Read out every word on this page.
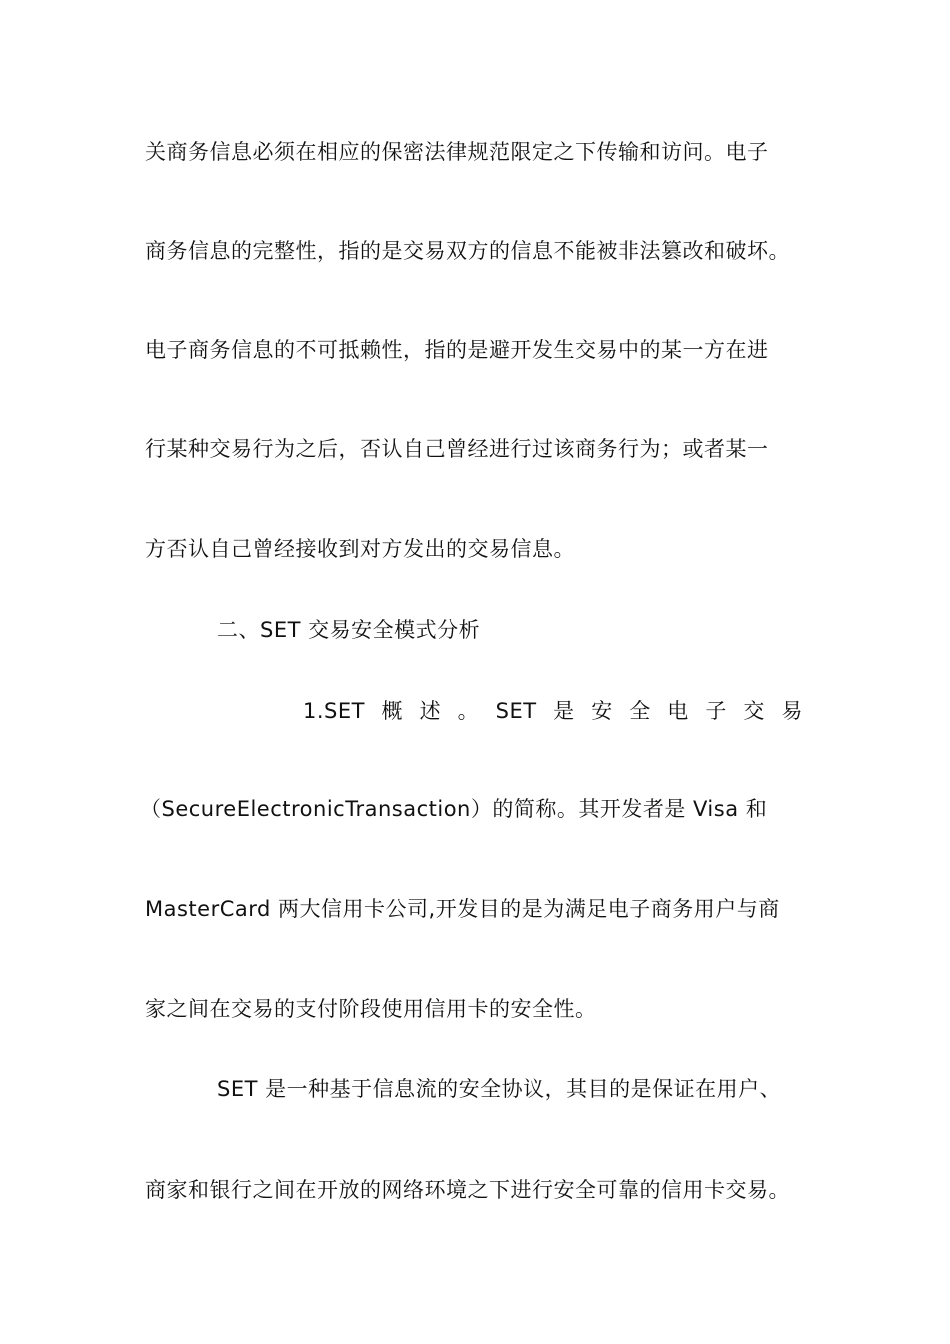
关商务信息必须在相应的保密法律规范限定之下传输和访问。电子
商务信息的完整性，指的是交易双方的信息不能被非法篡改和破坏。
电子商务信息的不可抵赖性，指的是避开发生交易中的某一方在进
行某种交易行为之后，否认自己曾经进行过该商务行为；或者某一
方否认自己曾经接收到对方发出的交易信息。
二、SET 交易安全模式分析
1.SET 概 述 。 SET 是 安 全 电 子 交 易
（SecureElectronicTransaction）的简称。其开发者是 Visa 和
MasterCard 两大信用卡公司,开发目的是为满足电子商务用户与商
家之间在交易的支付阶段使用信用卡的安全性。
SET 是一种基于信息流的安全协议，其目的是保证在用户、
商家和银行之间在开放的网络环境之下进行安全可靠的信用卡交易。
